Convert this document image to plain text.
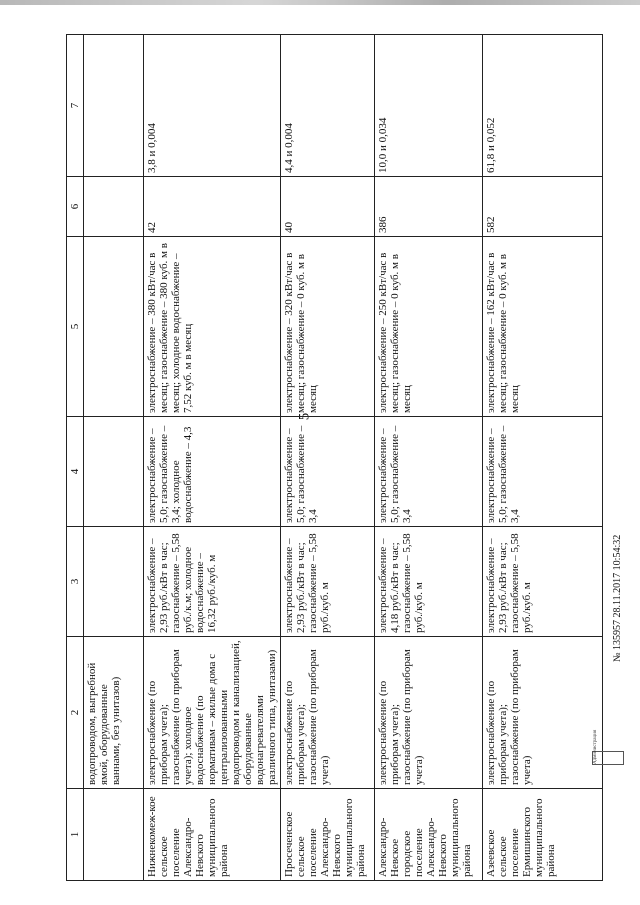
5
1	2	3	4	5	6	7
	водопроводом, выгребной ямой, оборудованные ваннами, без унитазов)					
Нижнекомеж-кое сельское поселение Александро-Невского муниципального района	электроснабжение (по приборам учета); газоснабжение (по приборам учета); холодное водоснабжение (по нормативам – жилые дома с централизованными водопроводом и канализацией, оборудованные водонагревателями различного типа, унитазами)	электроснабжение – 2,93 руб./кВт в час; газоснабжение – 5,58 руб./к.м; холодное водоснабжение – 16,32 руб./куб. м	электроснабжение – 5,0; газоснабжение – 3,4; холодное водоснабжение – 4,3	электроснабжение – 380 кВт/час в месяц; газоснабжение – 380 куб. м в месяц; холодное водоснабжение – 7,52 куб. м в месяц	42	3,8 и 0,004
Просеченское сельское поселение Александро-Невского муниципального района	электроснабжение (по приборам учета); газоснабжение (по приборам учета)	электроснабжение – 2,93 руб./кВт в час; газоснабжение – 5,58 руб./куб. м	электроснабжение – 5,0; газоснабжение – 3,4	электроснабжение – 320 кВт/час в месяц; газоснабжение – 0 куб. м в месяц	40	4,4 и 0,004
Александро-Невское городское поселение Александро-Невского муниципального района	электроснабжение (по приборам учета); газоснабжение (по приборам учета)	электроснабжение – 4,18 руб./кВт в час; газоснабжение – 5,58 руб./куб. м	электроснабжение – 5,0; газоснабжение – 3,4	электроснабжение – 250 кВт/час в месяц; газоснабжение – 0 куб. м в месяц	386	10,0 и 0,034
Азеевское сельское поселение Ермишинского муниципального района	электроснабжение (по приборам учета); газоснабжение (по приборам учета)	электроснабжение – 2,93 руб./кВт в час; газоснабжение – 5,58 руб./куб. м	электроснабжение – 5,0; газоснабжение – 3,4	электроснабжение – 162 кВт/час в месяц; газоснабжение – 0 куб. м в месяц	582	61,8 и 0,052
Администрация
№ 135957 28.11.2017 10:54:32
